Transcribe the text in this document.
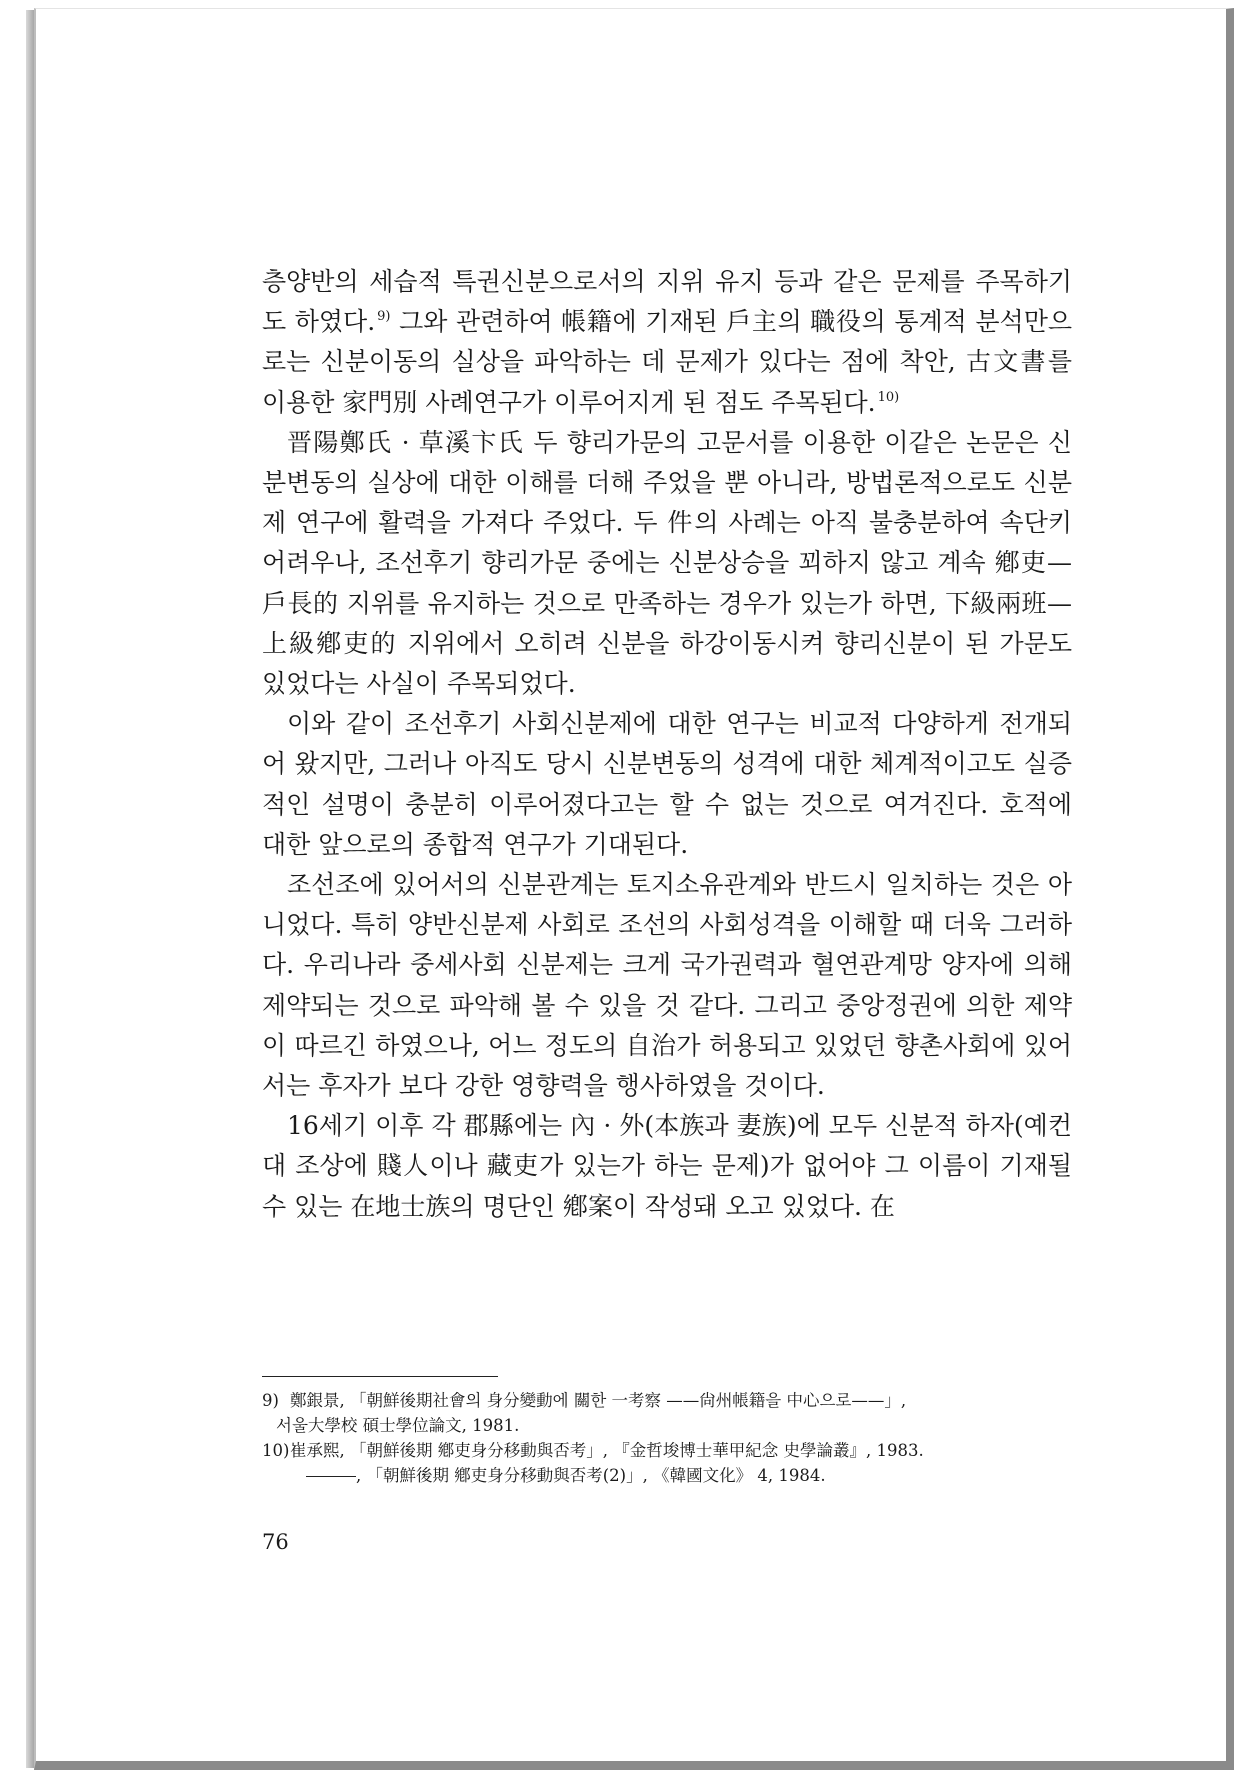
층양반의 세습적 특권신분으로서의 지위 유지 등과 같은 문제를 주목하기도 하였다. $^{9)}$ 그와 관련하여 帳籍에 기재된 戶主의 職役의 통계적 분석만으로는 신분이동의 실상을 파악하는 데 문제가 있다는 점에 착안, 古文書를 이용한 家門別 사례연구가 이루어지게 된 점도 주목된다. $^{10)}$

晋陽鄭氏 · 草溪卞氏 두 향리가문의 고문서를 이용한 이같은 논문은 신분변동의 실상에 대한 이해를 더해 주었을 뿐 아니라, 방법론적으로도 신분제 연구에 활력을 가져다 주었다. 두 件의 사례는 아직 불충분하여 속단키 어려우나, 조선후기 향리가문 중에는 신분상승을 꾀하지 않고 계속 鄕吏—戶長的 지위를 유지하는 것으로 만족하는 경우가 있는가 하면, 下級兩班—上級鄕吏的 지위에서 오히려 신분을 하강이동시켜 향리신분이 된 가문도 있었다는 사실이 주목되었다.

이와 같이 조선후기 사회신분제에 대한 연구는 비교적 다양하게 전개되어 왔지만, 그러나 아직도 당시 신분변동의 성격에 대한 체계적이고도 실증적인 설명이 충분히 이루어졌다고는 할 수 없는 것으로 여겨진다. 호적에 대한 앞으로의 종합적 연구가 기대된다.

조선조에 있어서의 신분관계는 토지소유관계와 반드시 일치하는 것은 아니었다. 특히 양반신분제 사회로 조선의 사회성격을 이해할 때 더욱 그러하다. 우리나라 중세사회 신분제는 크게 국가권력과 혈연관계망 양자에 의해 제약되는 것으로 파악해 볼 수 있을 것 같다. 그리고 중앙정권에 의한 제약이 따르긴 하였으나, 어느 정도의 自治가 허용되고 있었던 향촌사회에 있어서는 후자가 보다 강한 영향력을 행사하였을 것이다.

16세기 이후 각 郡縣에는 內 · 外(本族과 妻族)에 모두 신분적 하자(예컨대 조상에 賤人이나 藏吏가 있는가 하는 문제)가 없어야 그 이름이 기재될 수 있는 在地士族의 명단인 鄕案이 작성돼 오고 있었다. 在

9) 鄭銀景, 「朝鮮後期社會의 身分變動에 關한 一考察 ——尙州帳籍을 中心으로——」,
서울大學校 碩士學位論文, 1981.
10)崔承熙, 「朝鮮後期 鄕吏身分移動與否考」, 『金哲埈博士華甲紀念 史學論叢』, 1983.
, 「朝鮮後期 鄕吏身分移動與否考(2)」, 《韓國文化》 4, 1984.
76
